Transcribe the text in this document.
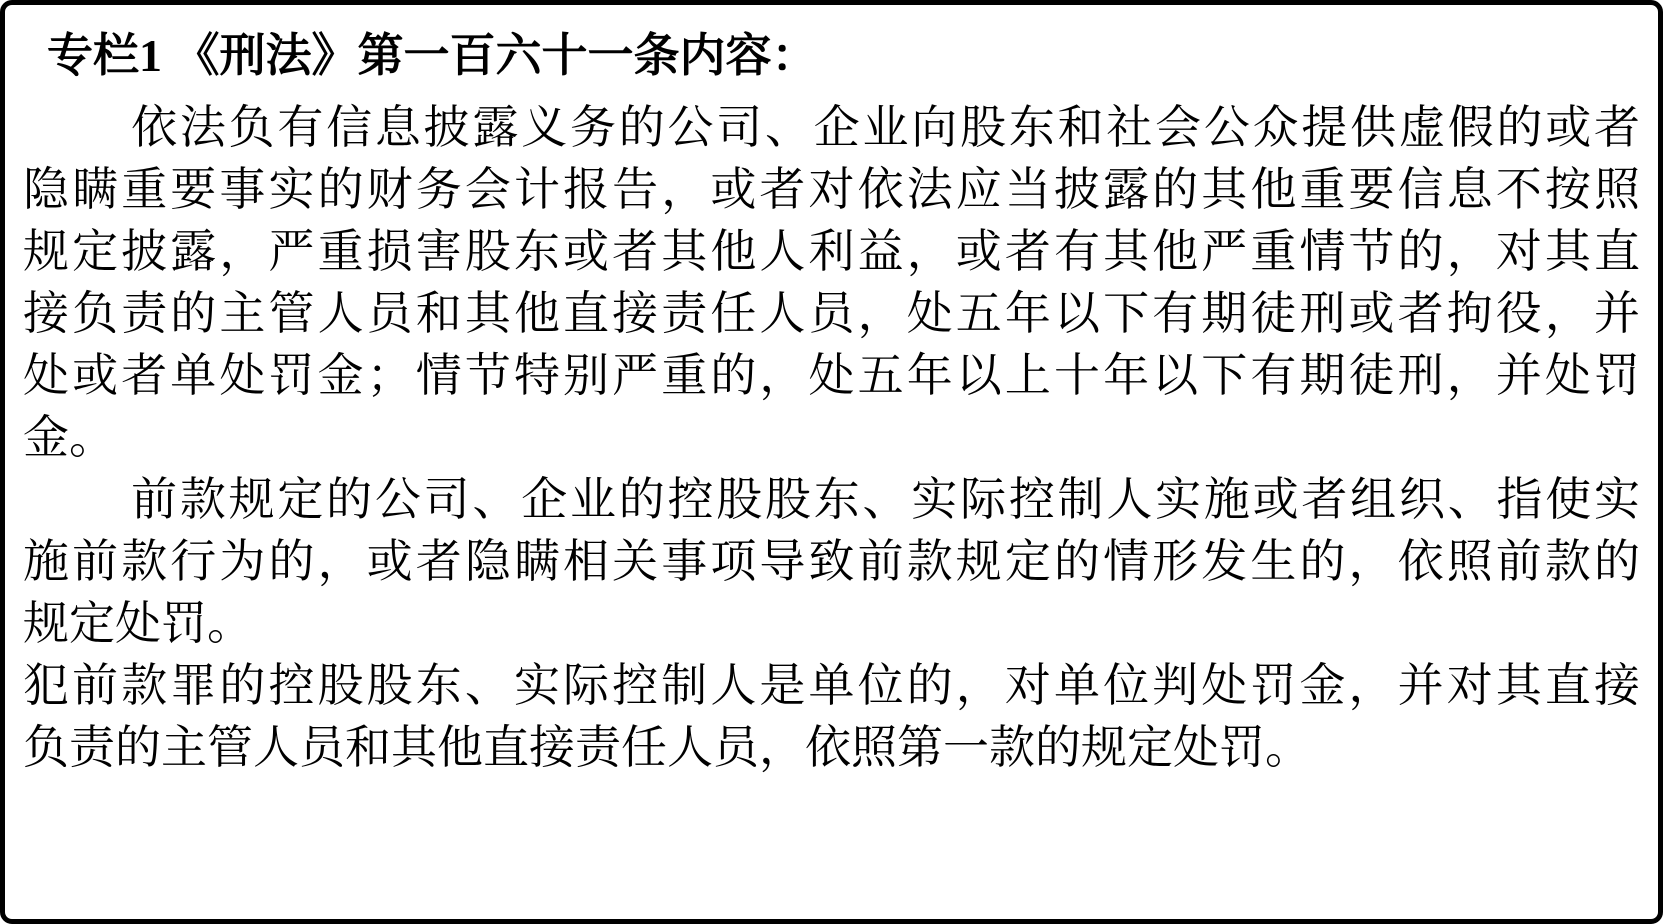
专栏1 《刑法》第一百六十一条内容：
依法负有信息披露义务的公司、企业向股东和社会公众提供虚假的或者
隐瞒重要事实的财务会计报告，或者对依法应当披露的其他重要信息不按照
规定披露，严重损害股东或者其他人利益，或者有其他严重情节的，对其直
接负责的主管人员和其他直接责任人员，处五年以下有期徒刑或者拘役，并
处或者单处罚金；情节特别严重的，处五年以上十年以下有期徒刑，并处罚
金。
前款规定的公司、企业的控股股东、实际控制人实施或者组织、指使实
施前款行为的，或者隐瞒相关事项导致前款规定的情形发生的，依照前款的
规定处罚。
犯前款罪的控股股东、实际控制人是单位的，对单位判处罚金，并对其直接
负责的主管人员和其他直接责任人员，依照第一款的规定处罚。
